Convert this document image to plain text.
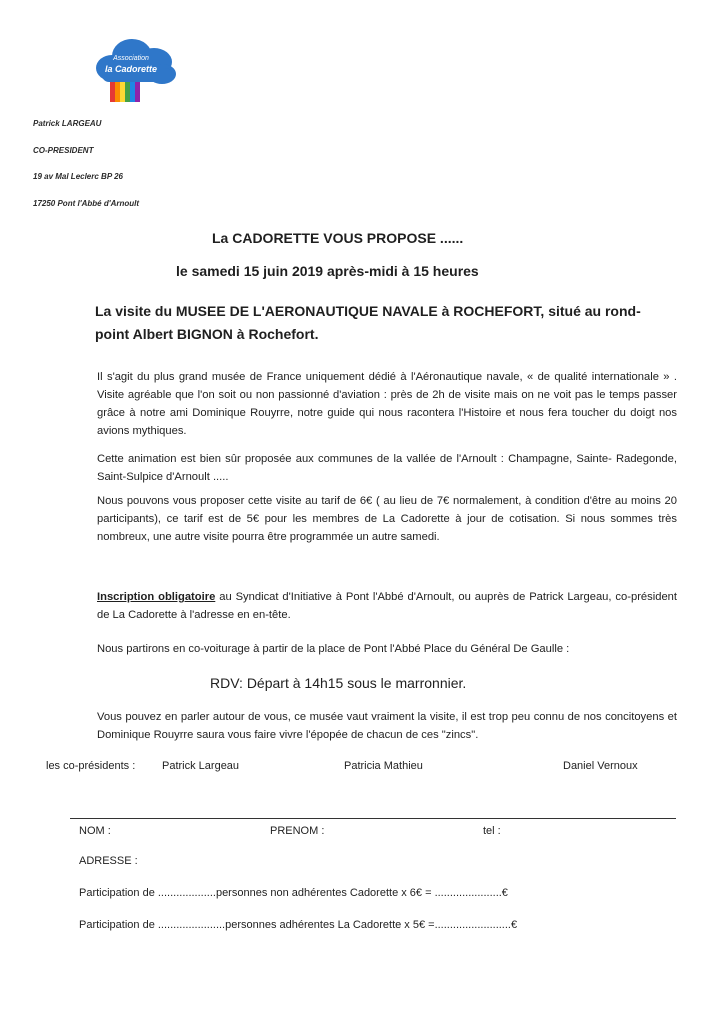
Association
la Cadorette
Patrick LARGEAU
CO-PRESIDENT
19 av Mal Leclerc BP 26
17250 Pont l'Abbé d'Arnoult
La CADORETTE VOUS PROPOSE ......
le samedi 15 juin 2019 après-midi à 15 heures
La visite du MUSEE DE L'AERONAUTIQUE NAVALE à ROCHEFORT, situé au rond-point Albert BIGNON à Rochefort.
Il s'agit du plus grand musée de France uniquement dédié à l'Aéronautique navale, « de qualité internationale » . Visite agréable que l'on soit ou non passionné d'aviation : près de 2h de visite mais on ne voit pas le temps passer grâce à notre ami Dominique Rouyrre, notre guide qui nous racontera l'Histoire et nous fera toucher du doigt nos avions mythiques.
Cette animation est bien sûr proposée aux communes de la vallée de l'Arnoult : Champagne, Sainte- Radegonde, Saint-Sulpice d'Arnoult .....
Nous pouvons vous proposer cette visite au tarif de 6€ ( au lieu de 7€ normalement, à condition d'être au moins 20 participants), ce tarif est de 5€ pour les membres de La Cadorette à jour de cotisation. Si nous sommes très nombreux, une autre visite pourra être programmée un autre samedi.
Inscription obligatoire au Syndicat d'Initiative à Pont l'Abbé d'Arnoult, ou auprès de Patrick Largeau, co-président de La Cadorette à l'adresse en en-tête.
Nous partirons en co-voiturage à partir de la place de Pont l'Abbé Place du Général De Gaulle :
RDV: Départ à 14h15 sous le marronnier.
Vous pouvez en parler autour de vous, ce musée vaut vraiment la visite, il est trop peu connu de nos concitoyens et Dominique Rouyrre saura vous faire vivre l'épopée de chacun de ces "zincs".
les co-présidents : Patrick Largeau	Patricia Mathieu	Daniel Vernoux
NOM :	PRENOM :	tel :
ADRESSE :
Participation de ...................personnes non adhérentes Cadorette x 6€ = ......................€
Participation de ......................personnes adhérentes La Cadorette x 5€ =.........................€
